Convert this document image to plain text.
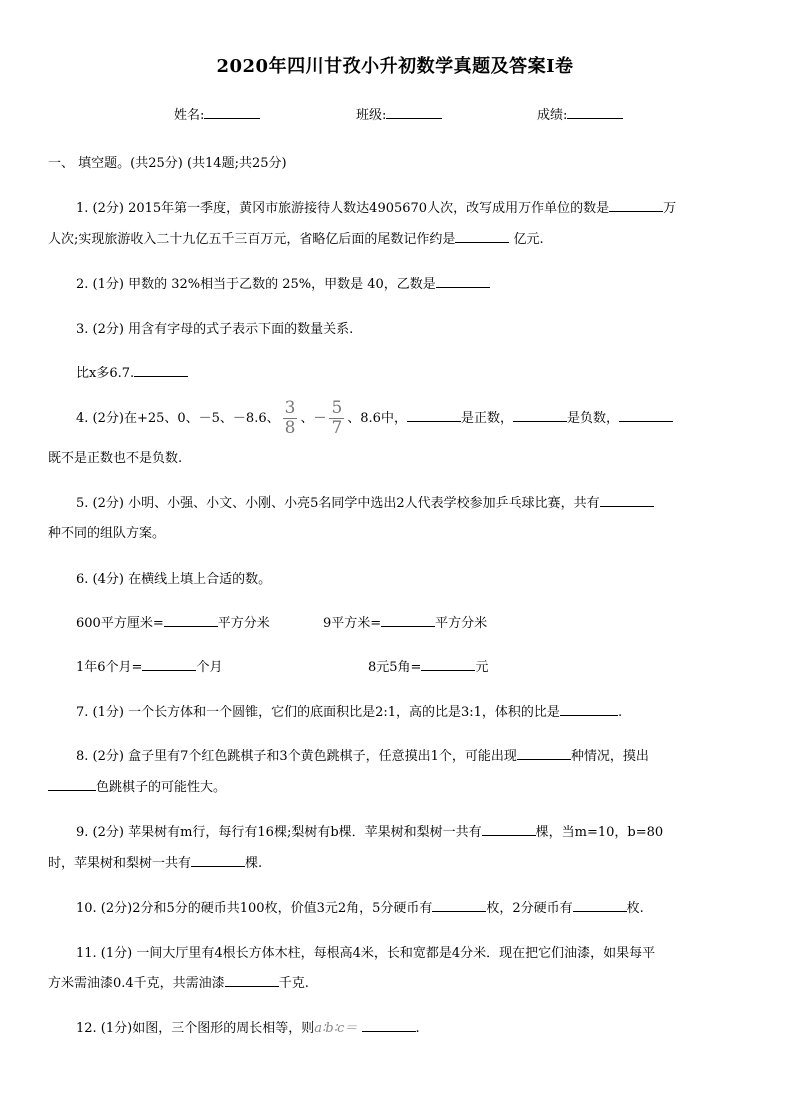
2020年四川甘孜小升初数学真题及答案Ⅰ卷
姓名:	班级:	成绩:
一、 填空题。(共25分) (共14题;共25分)
1. (2分) 2015年第一季度，黄冈市旅游接待人数达4905670人次，改写成用万作单位的数是	万
人次;实现旅游收入二十九亿五千三百万元，省略亿后面的尾数记作约是	亿元.
2. (1分) 甲数的 32%相当于乙数的 25%，甲数是 40，乙数是
3. (2分) 用含有字母的式子表示下面的数量关系.
比x多6.7.
4. (2分)在+25、0、－5、－8.6、 $\frac{3}{8}$ 、－ $\frac{5}{7}$ 、8.6中，	是正数，	是负数，
既不是正数也不是负数.
5. (2分) 小明、小强、小文、小刚、小亮5名同学中选出2人代表学校参加乒乓球比赛，共有
种不同的组队方案。
6. (4分) 在横线上填上合适的数。
600平方厘米=	平方分米	9平方米=	平方分米
1年6个月=	个月	8元5角=	元
7. (1分) 一个长方体和一个圆锥，它们的底面积比是2:1，高的比是3:1，体积的比是	.
8. (2分) 盒子里有7个红色跳棋子和3个黄色跳棋子，任意摸出1个，可能出现	种情况，摸出
色跳棋子的可能性大。
9. (2分) 苹果树有m行，每行有16棵;梨树有b棵．苹果树和梨树一共有	棵，当m=10，b=80
时，苹果树和梨树一共有	棵.
10. (2分)2分和5分的硬币共100枚，价值3元2角，5分硬币有	枚，2分硬币有	枚.
11. (1分) 一间大厅里有4根长方体木柱，每根高4米，长和宽都是4分米．现在把它们油漆，如果每平
方米需油漆0.4千克，共需油漆	千克.
12. (1分)如图，三个图形的周长相等，则a∶b∶c＝	.
